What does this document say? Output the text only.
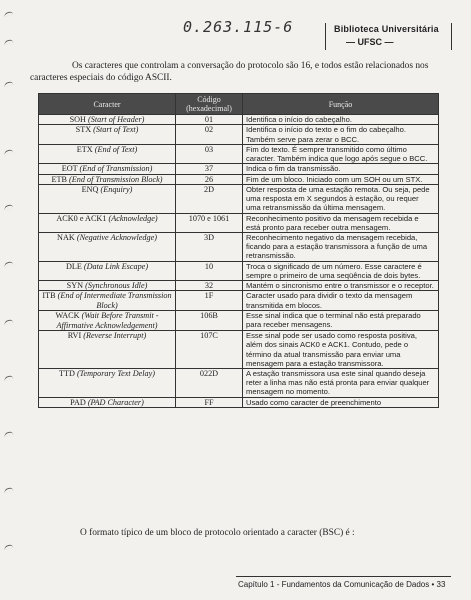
0.263.115-6	Biblioteca Universitária
— UFSC —
Os caracteres que controlam a conversação do protocolo são 16, e todos estão relacionados nos
caracteres especiais do código ASCII.
Caracter	Código (hexadecimal)	Função
SOH (Start of Header)	01	Identifica o início do cabeçalho.
STX (Start of Text)	02	Identifica o início do texto e o fim do cabeçalho. Também serve para zerar o BCC.
ETX (End of Text)	03	Fim do texto. É sempre transmitido como último caracter. Também indica que logo após segue o BCC.
EOT (End of Transmission)	37	Indica o fim da transmissão.
ETB (End of Transmission Block)	26	Fim de um bloco. Iniciado com um SOH ou um STX.
ENQ (Enquiry)	2D	Obter resposta de uma estação remota. Ou seja, pede uma resposta em X segundos à estação, ou requer uma retransmissão da última mensagem.
ACK0 e ACK1 (Acknowledge)	1070 e 1061	Reconhecimento positivo da mensagem recebida e está pronto para receber outra mensagem.
NAK (Negative Acknowledge)	3D	Reconhecimento negativo da mensagem recebida, ficando para a estação transmissora a função de uma retransmissão.
DLE (Data Link Escape)	10	Troca o significado de um número. Esse caractere é sempre o primeiro de uma seqüência de dois bytes.
SYN (Synchronous Idle)	32	Mantém o sincronismo entre o transmissor e o receptor.
ITB (End of Intermediate Transmission Block)	1F	Caracter usado para dividir o texto da mensagem transmitida em blocos.
WACK (Wait Before Transmit - Affirmative Acknowledgement)	106B	Esse sinal indica que o terminal não está preparado para receber mensagens.
RVI (Reverse Interrupt)	107C	Esse sinal pode ser usado como resposta positiva, além dos sinais ACK0 e ACK1. Contudo, pede o término da atual transmissão para enviar uma mensagem para a estação transmissora.
TTD (Temporary Text Delay)	022D	A estação transmissora usa este sinal quando deseja reter a linha mas não está pronta para enviar qualquer mensagem no momento.
PAD (PAD Character)	FF	Usado como caracter de preenchimento
O formato típico de um bloco de protocolo orientado a caracter (BSC) é :
Capítulo 1 - Fundamentos da Comunicação de Dados • 33
